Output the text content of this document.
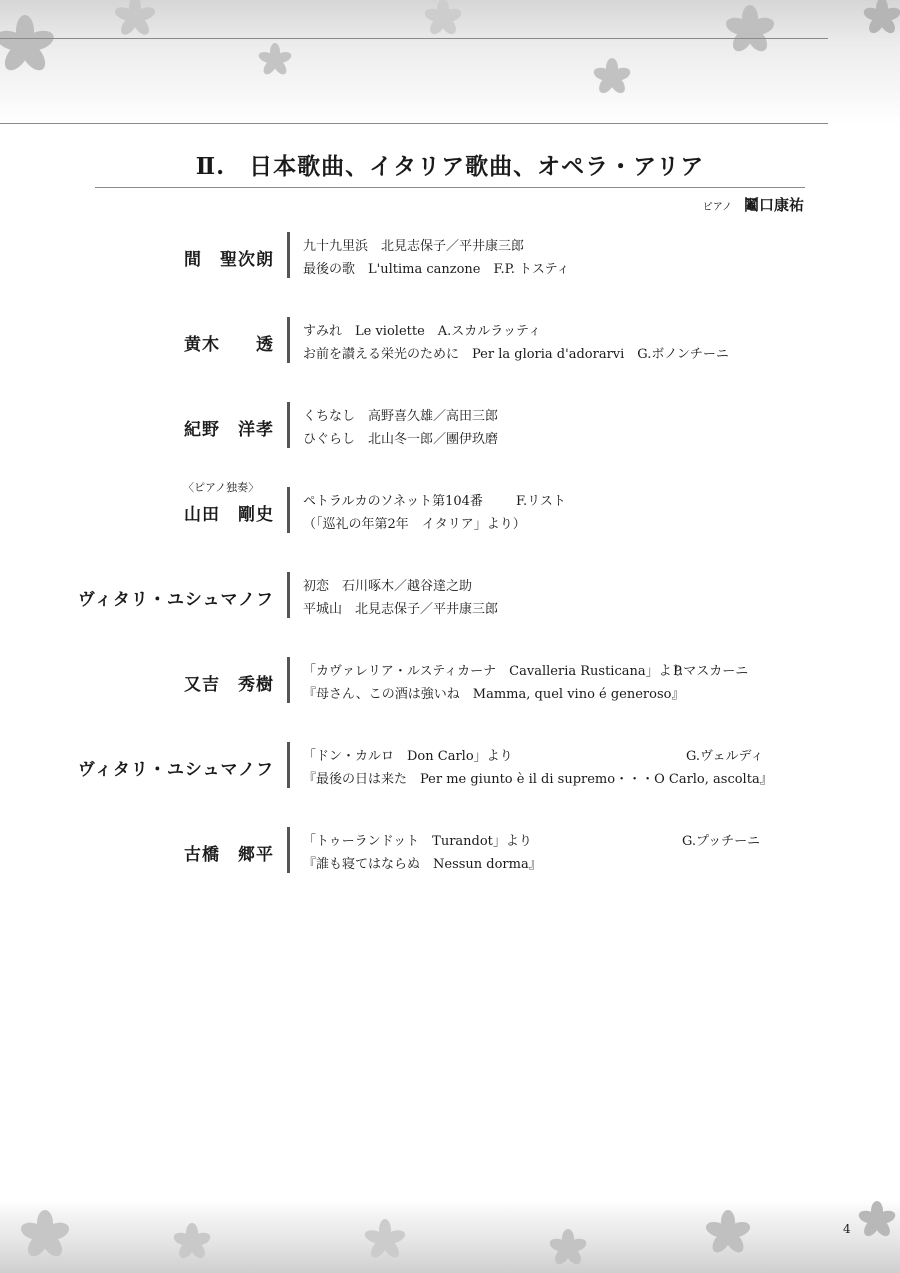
Ⅱ.　日本歌曲、イタリア歌曲、オペラ・アリア
ピアノ 鬮口康祐
間　聖次朗
九十九里浜　北見志保子／平井康三郎
最後の歌　L'ultima canzone　F.P. トスティ
黄木　　透
すみれ　Le violette　A.スカルラッティ
お前を讃える栄光のために　Per la gloria d'adorarvi　G.ボノンチーニ
紀野　洋孝
くちなし　高野喜久雄／高田三郎
ひぐらし　北山冬一郎／團伊玖磨
〈ピアノ独奏〉
山田　剛史
ペトラルカのソネット第104番
（「巡礼の年第2年　イタリア」より）
F.リスト
ヴィタリ・ユシュマノフ
初恋　石川啄木／越谷達之助
平城山　北見志保子／平井康三郎
又吉　秀樹
「カヴァレリア・ルスティカーナ　Cavalleria Rusticana」より
『母さん、この酒は強いね　Mamma, quel vino é generoso』
P.マスカーニ
ヴィタリ・ユシュマノフ
「ドン・カルロ　Don Carlo」より
『最後の日は来た　Per me giunto è il di supremo・・・O Carlo, ascolta』
G.ヴェルディ
古橋　郷平
「トゥーランドット　Turandot」より
『誰も寝てはならぬ　Nessun dorma』
G.プッチーニ
4
